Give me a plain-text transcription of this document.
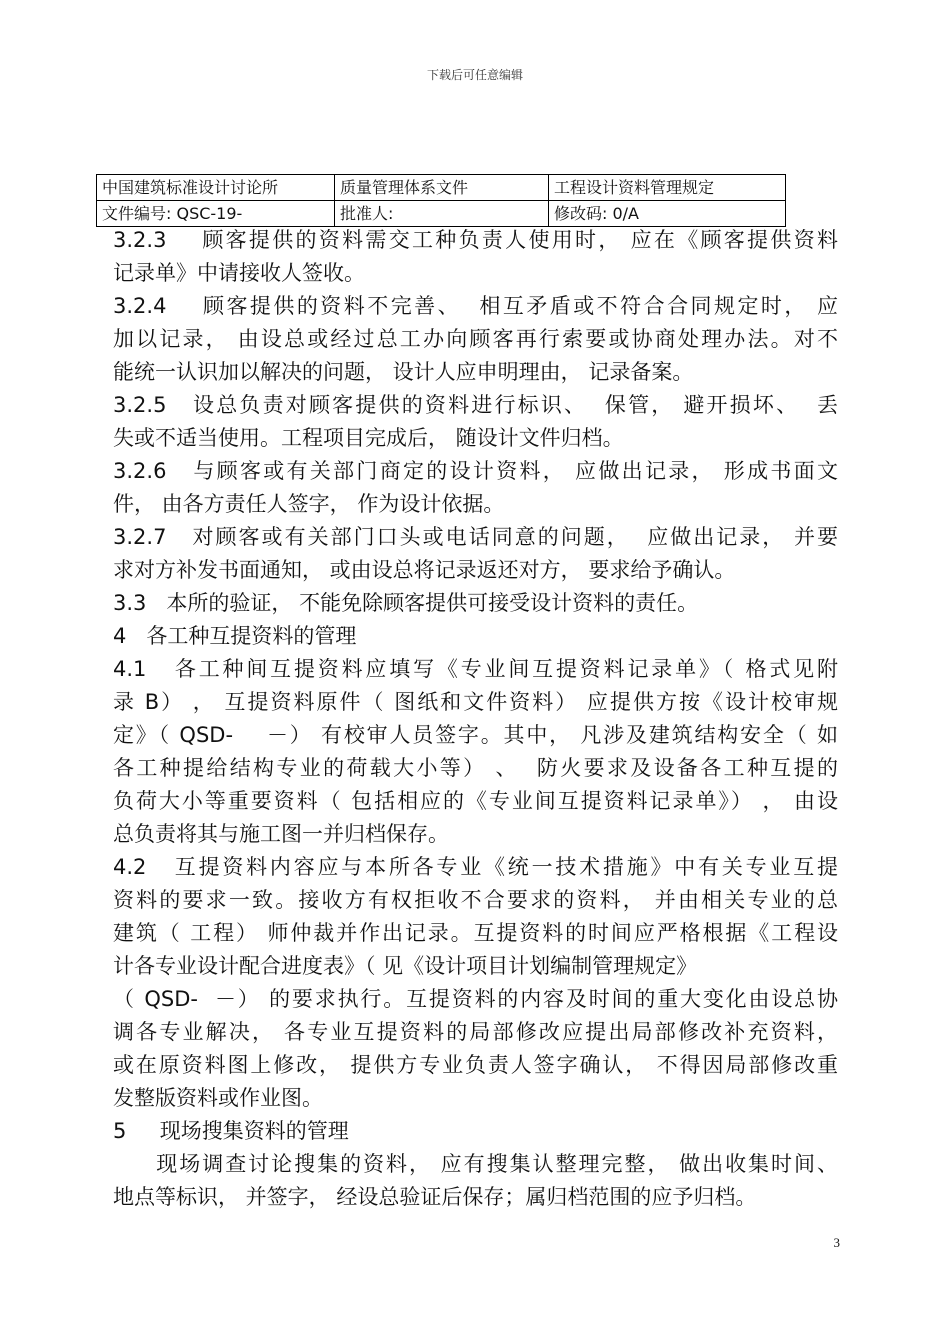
下载后可任意编辑
中国建筑标准设计讨论所	质量管理体系文件	工程设计资料管理规定
文件编号: QSC-19-	批准人:	修改码: 0/A
3.2.3    顾客提供的资料需交工种负责人使用时， 应在《顾客提供资料
记录单》中请接收人签收。
3.2.4    顾客提供的资料不完善、  相互矛盾或不符合合同规定时， 应
加以记录， 由设总或经过总工办向顾客再行索要或协商处理办法。对不
能统一认识加以解决的问题， 设计人应申明理由， 记录备案。
3.2.5   设总负责对顾客提供的资料进行标识、  保管， 避开损坏、  丢
失或不适当使用。工程项目完成后， 随设计文件归档。
3.2.6   与顾客或有关部门商定的设计资料， 应做出记录， 形成书面文
件， 由各方责任人签字， 作为设计依据。
3.2.7   对顾客或有关部门口头或电话同意的问题，  应做出记录， 并要
求对方补发书面通知， 或由设总将记录返还对方， 要求给予确认。
3.3   本所的验证， 不能免除顾客提供可接受设计资料的责任。
4   各工种互提资料的管理
4.1   各工种间互提资料应填写《专业间互提资料记录单》（ 格式见附
录 B） ， 互提资料原件（ 图纸和文件资料） 应提供方按《设计校审规
定》（ QSD-    －） 有校审人员签字。其中， 凡涉及建筑结构安全（ 如
各工种提给结构专业的荷载大小等） 、  防火要求及设备各工种互提的
负荷大小等重要资料（ 包括相应的《专业间互提资料记录单》） ， 由设
总负责将其与施工图一并归档保存。
4.2   互提资料内容应与本所各专业《统一技术措施》中有关专业互提
资料的要求一致。接收方有权拒收不合要求的资料， 并由相关专业的总
建筑（ 工程） 师仲裁并作出记录。互提资料的时间应严格根据《工程设
计各专业设计配合进度表》（ 见《设计项目计划编制管理规定》
（ QSD-  －） 的要求执行。互提资料的内容及时间的重大变化由设总协
调各专业解决， 各专业互提资料的局部修改应提出局部修改补充资料，
或在原资料图上修改， 提供方专业负责人签字确认， 不得因局部修改重
发整版资料或作业图。
5     现场搜集资料的管理
现场调查讨论搜集的资料， 应有搜集认整理完整， 做出收集时间、
地点等标识， 并签字， 经设总验证后保存；属归档范围的应予归档。
3
